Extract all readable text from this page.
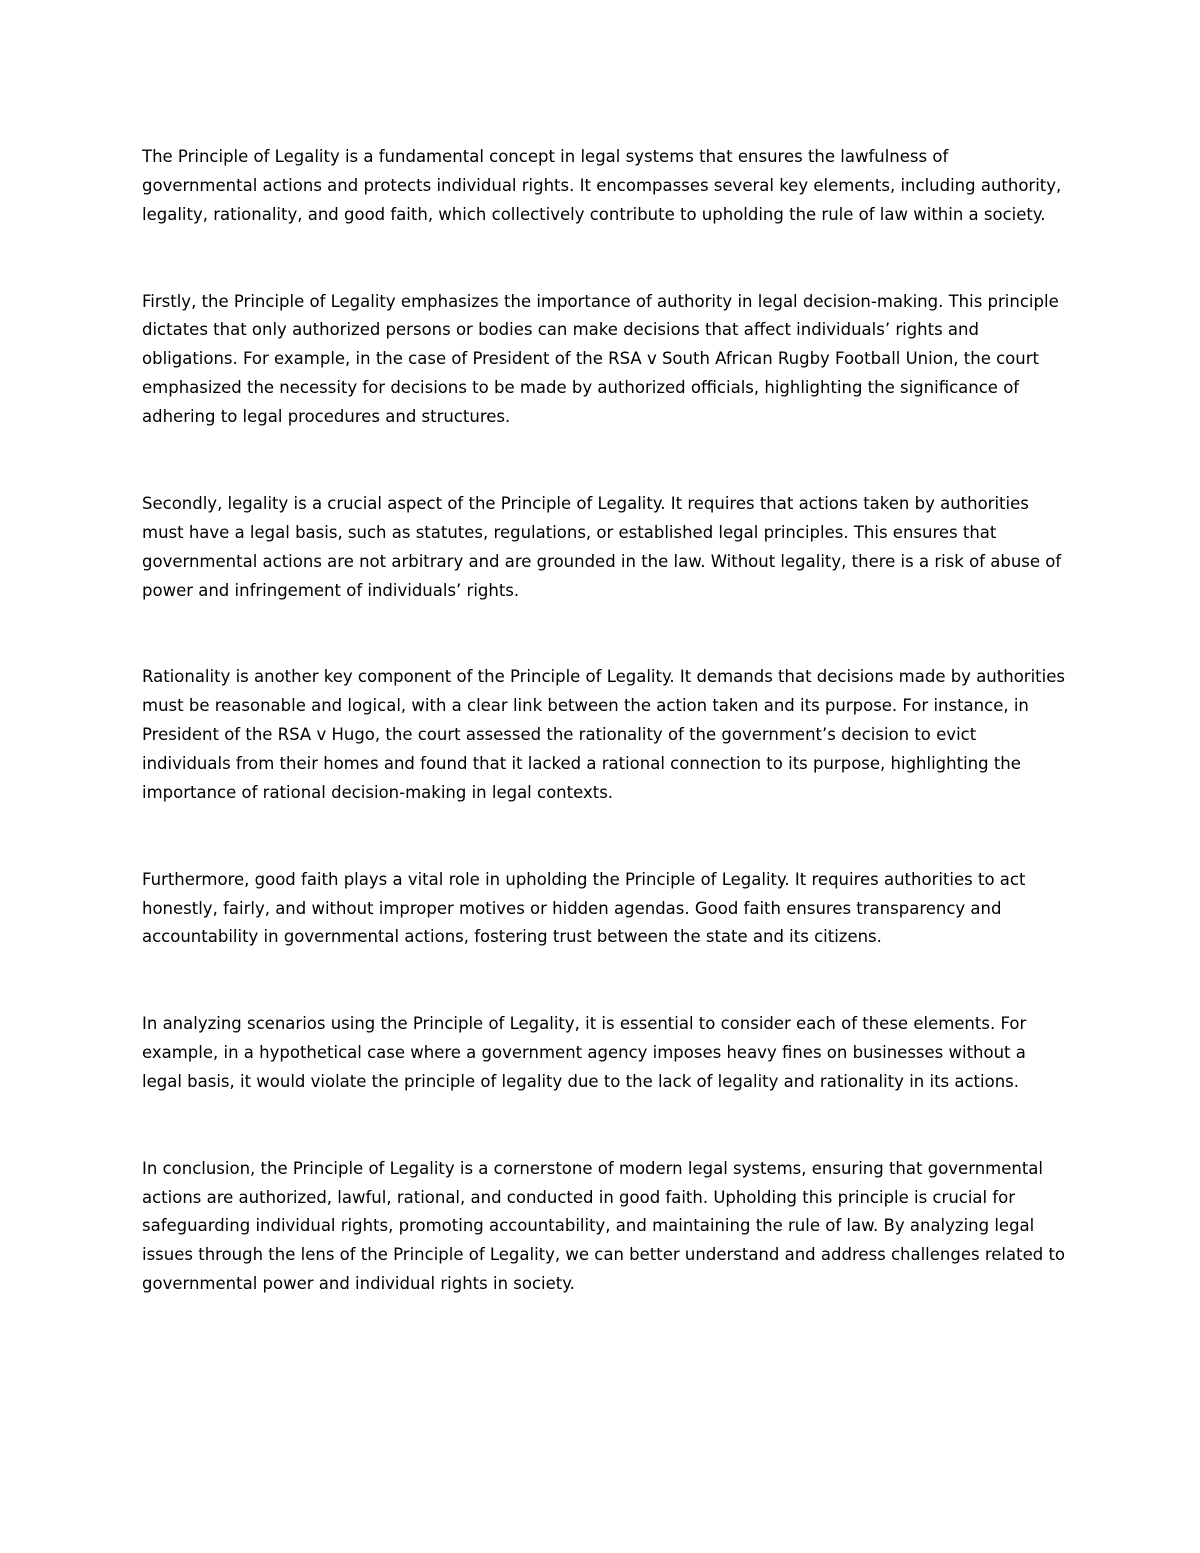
The Principle of Legality is a fundamental concept in legal systems that ensures the lawfulness of governmental actions and protects individual rights. It encompasses several key elements, including authority, legality, rationality, and good faith, which collectively contribute to upholding the rule of law within a society.

Firstly, the Principle of Legality emphasizes the importance of authority in legal decision-making. This principle dictates that only authorized persons or bodies can make decisions that affect individuals’ rights and obligations. For example, in the case of President of the RSA v South African Rugby Football Union, the court emphasized the necessity for decisions to be made by authorized officials, highlighting the significance of adhering to legal procedures and structures.

Secondly, legality is a crucial aspect of the Principle of Legality. It requires that actions taken by authorities must have a legal basis, such as statutes, regulations, or established legal principles. This ensures that governmental actions are not arbitrary and are grounded in the law. Without legality, there is a risk of abuse of power and infringement of individuals’ rights.

Rationality is another key component of the Principle of Legality. It demands that decisions made by authorities must be reasonable and logical, with a clear link between the action taken and its purpose. For instance, in President of the RSA v Hugo, the court assessed the rationality of the government’s decision to evict individuals from their homes and found that it lacked a rational connection to its purpose, highlighting the importance of rational decision-making in legal contexts.

Furthermore, good faith plays a vital role in upholding the Principle of Legality. It requires authorities to act honestly, fairly, and without improper motives or hidden agendas. Good faith ensures transparency and accountability in governmental actions, fostering trust between the state and its citizens.

In analyzing scenarios using the Principle of Legality, it is essential to consider each of these elements. For example, in a hypothetical case where a government agency imposes heavy fines on businesses without a legal basis, it would violate the principle of legality due to the lack of legality and rationality in its actions.

In conclusion, the Principle of Legality is a cornerstone of modern legal systems, ensuring that governmental actions are authorized, lawful, rational, and conducted in good faith. Upholding this principle is crucial for safeguarding individual rights, promoting accountability, and maintaining the rule of law. By analyzing legal issues through the lens of the Principle of Legality, we can better understand and address challenges related to governmental power and individual rights in society.
